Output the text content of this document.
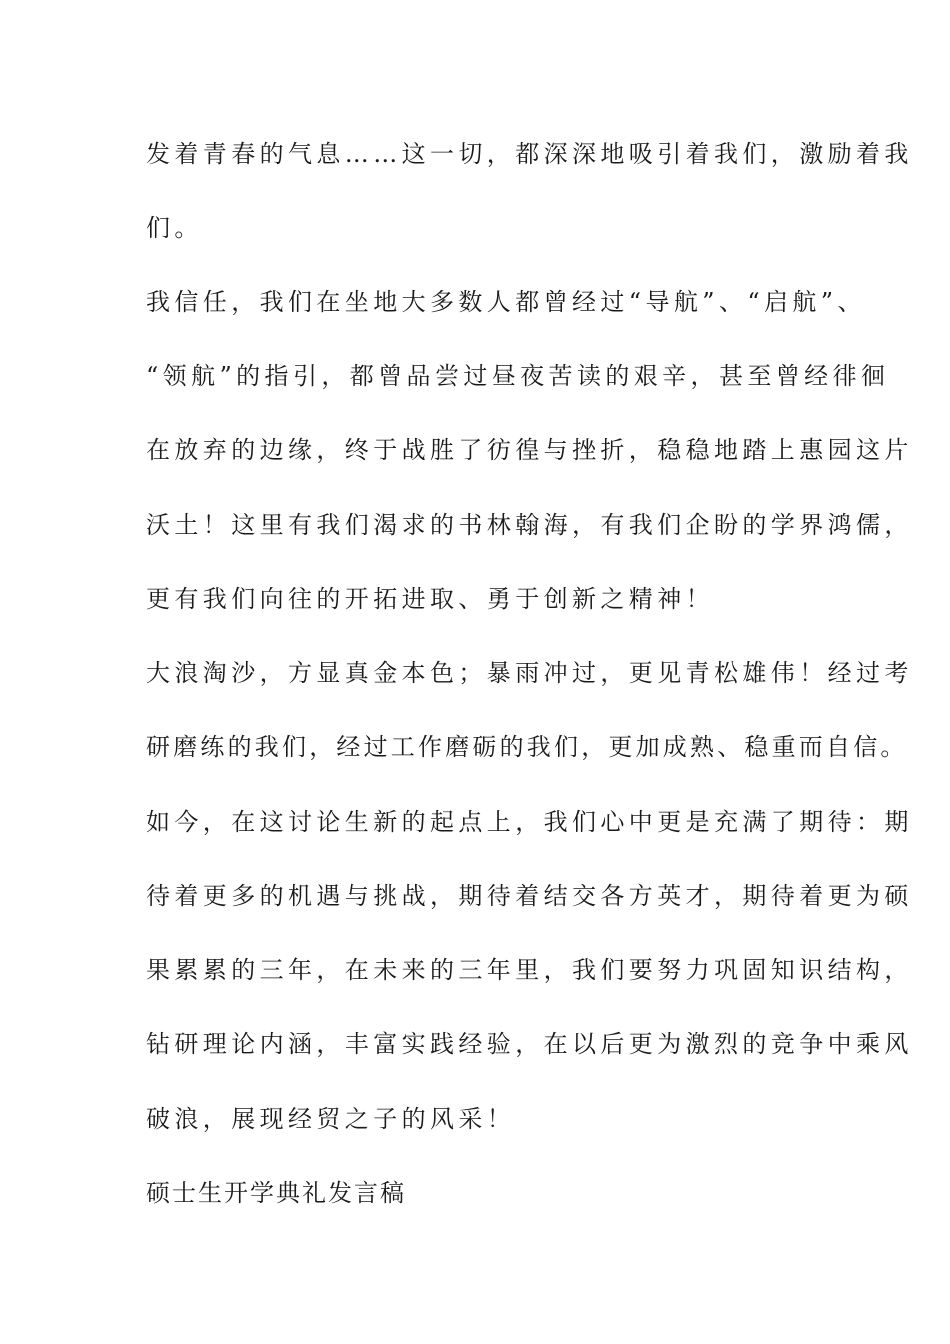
发着青春的气息……这一切，都深深地吸引着我们，激励着我
们。
我信任，我们在坐地大多数人都曾经过“导航”、“启航”、
“领航”的指引，都曾品尝过昼夜苦读的艰辛，甚至曾经徘徊
在放弃的边缘，终于战胜了彷徨与挫折，稳稳地踏上惠园这片
沃土！这里有我们渴求的书林翰海，有我们企盼的学界鸿儒，
更有我们向往的开拓进取、勇于创新之精神！
大浪淘沙，方显真金本色；暴雨冲过，更见青松雄伟！经过考
研磨练的我们，经过工作磨砺的我们，更加成熟、稳重而自信。
如今，在这讨论生新的起点上，我们心中更是充满了期待：期
待着更多的机遇与挑战，期待着结交各方英才，期待着更为硕
果累累的三年，在未来的三年里，我们要努力巩固知识结构，
钻研理论内涵，丰富实践经验，在以后更为激烈的竞争中乘风
破浪，展现经贸之子的风采！
硕士生开学典礼发言稿
